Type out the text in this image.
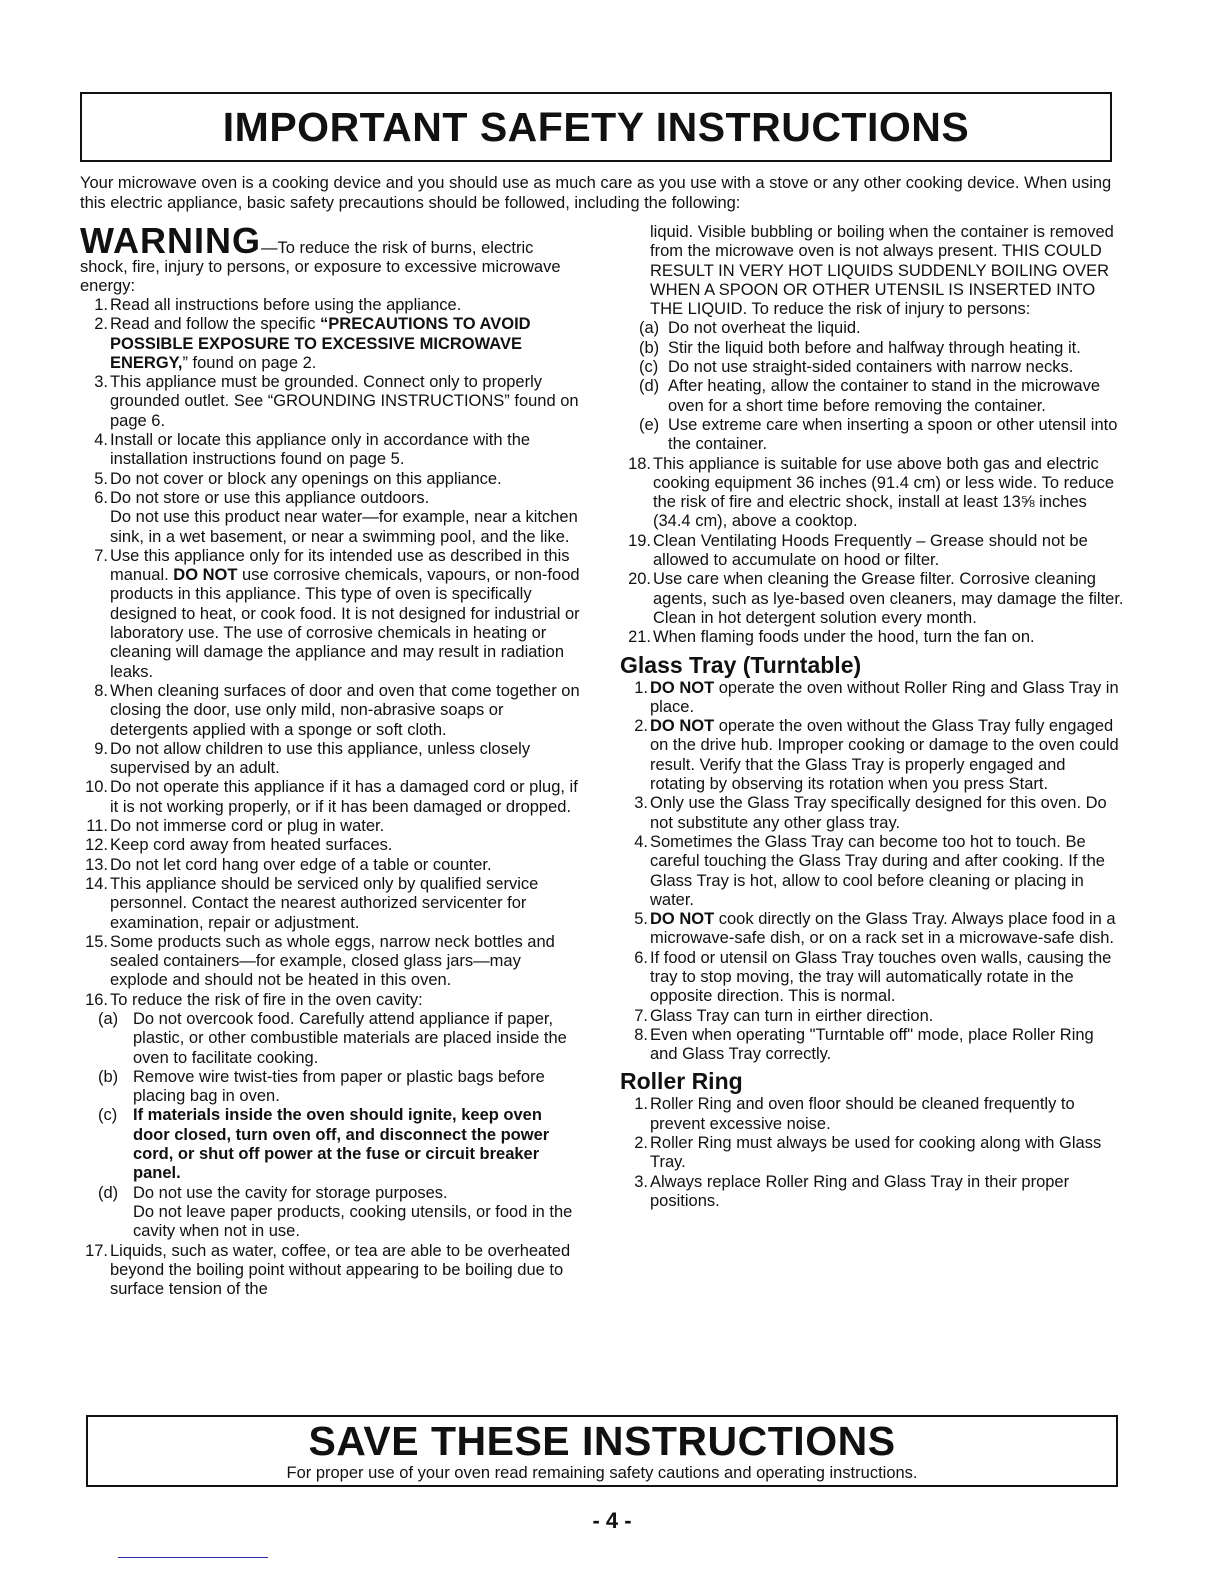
IMPORTANT SAFETY INSTRUCTIONS
Your microwave oven is a cooking device and you should use as much care as you use with a stove or any other cooking device. When using this electric appliance, basic safety precautions should be followed, including the following:
WARNING—To reduce the risk of burns, electric shock, fire, injury to persons, or exposure to excessive microwave energy:
1. Read all instructions before using the appliance.
2. Read and follow the specific “PRECAUTIONS TO AVOID POSSIBLE EXPOSURE TO EXCESSIVE MICROWAVE ENERGY,” found on page 2.
3. This appliance must be grounded. Connect only to properly grounded outlet. See “GROUNDING INSTRUCTIONS” found on page 6.
4. Install or locate this appliance only in accordance with the installation instructions found on page 5.
5. Do not cover or block any openings on this appliance.
6. Do not store or use this appliance outdoors.
Do not use this product near water—for example, near a kitchen sink, in a wet basement, or near a swimming pool, and the like.
7. Use this appliance only for its intended use as described in this manual. DO NOT use corrosive chemicals, vapours, or non-food products in this appliance. This type of oven is specifically designed to heat, or cook food. It is not designed for industrial or laboratory use. The use of corrosive chemicals in heating or cleaning will damage the appliance and may result in radiation leaks.
8. When cleaning surfaces of door and oven that come together on closing the door, use only mild, non-abrasive soaps or detergents applied with a sponge or soft cloth.
9. Do not allow children to use this appliance, unless closely supervised by an adult.
10. Do not operate this appliance if it has a damaged cord or plug, if it is not working properly, or if it has been damaged or dropped.
11. Do not immerse cord or plug in water.
12. Keep cord away from heated surfaces.
13. Do not let cord hang over edge of a table or counter.
14. This appliance should be serviced only by qualified service personnel. Contact the nearest authorized servicenter for examination, repair or adjustment.
15. Some products such as whole eggs, narrow neck bottles and sealed containers—for example, closed glass jars—may explode and should not be heated in this oven.
16. To reduce the risk of fire in the oven cavity:
(a) Do not overcook food. Carefully attend appliance if paper, plastic, or other combustible materials are placed inside the oven to facilitate cooking.
(b) Remove wire twist-ties from paper or plastic bags before placing bag in oven.
(c) If materials inside the oven should ignite, keep oven door closed, turn oven off, and disconnect the power cord, or shut off power at the fuse or circuit breaker panel.
(d) Do not use the cavity for storage purposes.
Do not leave paper products, cooking utensils, or food in the cavity when not in use.
17. Liquids, such as water, coffee, or tea are able to be overheated beyond the boiling point without appearing to be boiling due to surface tension of the
liquid. Visible bubbling or boiling when the container is removed from the microwave oven is not always present. THIS COULD RESULT IN VERY HOT LIQUIDS SUDDENLY BOILING OVER WHEN A SPOON OR OTHER UTENSIL IS INSERTED INTO THE LIQUID. To reduce the risk of injury to persons:
(a) Do not overheat the liquid.
(b) Stir the liquid both before and halfway through heating it.
(c) Do not use straight-sided containers with narrow necks.
(d) After heating, allow the container to stand in the microwave oven for a short time before removing the container.
(e) Use extreme care when inserting a spoon or other utensil into the container.
18. This appliance is suitable for use above both gas and electric cooking equipment 36 inches (91.4 cm) or less wide. To reduce the risk of fire and electric shock, install at least 13⅝ inches (34.4 cm), above a cooktop.
19. Clean Ventilating Hoods Frequently – Grease should not be allowed to accumulate on hood or filter.
20. Use care when cleaning the Grease filter. Corrosive cleaning agents, such as lye-based oven cleaners, may damage the filter. Clean in hot detergent solution every month.
21. When flaming foods under the hood, turn the fan on.
Glass Tray (Turntable)
1. DO NOT operate the oven without Roller Ring and Glass Tray in place.
2. DO NOT operate the oven without the Glass Tray fully engaged on the drive hub. Improper cooking or damage to the oven could result. Verify that the Glass Tray is properly engaged and rotating by observing its rotation when you press Start.
3. Only use the Glass Tray specifically designed for this oven. Do not substitute any other glass tray.
4. Sometimes the Glass Tray can become too hot to touch. Be careful touching the Glass Tray during and after cooking. If the Glass Tray is hot, allow to cool before cleaning or placing in water.
5. DO NOT cook directly on the Glass Tray. Always place food in a microwave-safe dish, or on a rack set in a microwave-safe dish.
6. If food or utensil on Glass Tray touches oven walls, causing the tray to stop moving, the tray will automatically rotate in the opposite direction. This is normal.
7. Glass Tray can turn in eirther direction.
8. Even when operating "Turntable off" mode, place Roller Ring and Glass Tray correctly.
Roller Ring
1. Roller Ring and oven floor should be cleaned frequently to prevent excessive noise.
2. Roller Ring must always be used for cooking along with Glass Tray.
3. Always replace Roller Ring and Glass Tray in their proper positions.
SAVE THESE INSTRUCTIONS
For proper use of your oven read remaining safety cautions and operating instructions.
- 4 -
